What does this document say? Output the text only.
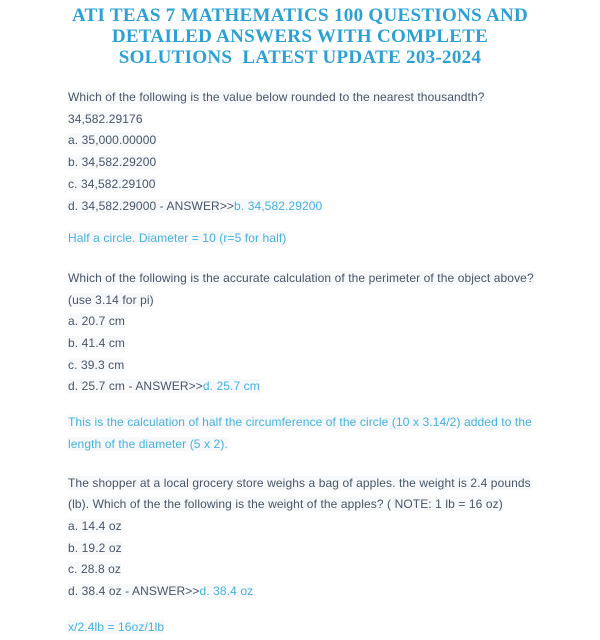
ATI TEAS 7 MATHEMATICS 100 QUESTIONS AND
DETAILED ANSWERS WITH COMPLETE
SOLUTIONS  LATEST UPDATE 203-2024
Which of the following is the value below rounded to the nearest thousandth?
34,582.29176
a. 35,000.00000
b. 34,582.29200
c. 34,582.29100
d. 34,582.29000 - ANSWER>>b. 34,582.29200
Half a circle. Diameter = 10 (r=5 for half)
Which of the following is the accurate calculation of the perimeter of the object above?
(use 3.14 for pi)
a. 20.7 cm
b. 41.4 cm
c. 39.3 cm
d. 25.7 cm - ANSWER>>d. 25.7 cm
This is the calculation of half the circumference of the circle (10 x 3.14/2) added to the
length of the diameter (5 x 2).
The shopper at a local grocery store weighs a bag of apples. the weight is 2.4 pounds
(lb). Which of the the following is the weight of the apples? ( NOTE: 1 lb = 16 oz)
a. 14.4 oz
b. 19.2 oz
c. 28.8 oz
d. 38.4 oz - ANSWER>>d. 38.4 oz
x/2.4lb = 16oz/1lb
